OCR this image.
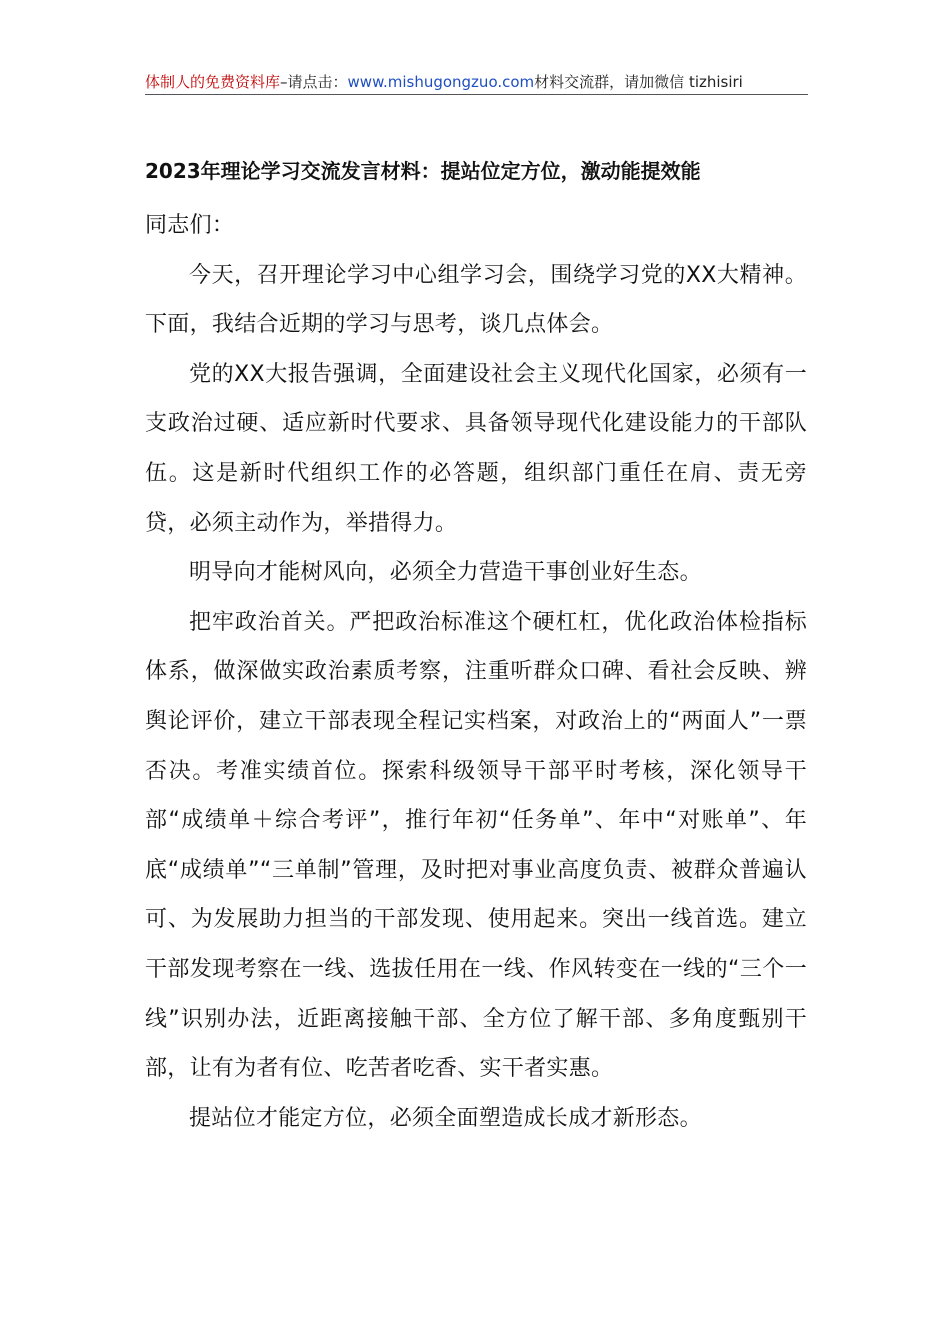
体制人的免费资料库–请点击：www.mishugongzuo.com材料交流群，请加微信 tizhisiri
2023年理论学习交流发言材料：提站位定方位，激动能提效能

同志们：

今天，召开理论学习中心组学习会，围绕学习党的XX大精神。下面，我结合近期的学习与思考，谈几点体会。

党的XX大报告强调，全面建设社会主义现代化国家，必须有一支政治过硬、适应新时代要求、具备领导现代化建设能力的干部队伍。这是新时代组织工作的必答题，组织部门重任在肩、责无旁贷，必须主动作为，举措得力。

明导向才能树风向，必须全力营造干事创业好生态。

把牢政治首关。严把政治标准这个硬杠杠，优化政治体检指标体系，做深做实政治素质考察，注重听群众口碑、看社会反映、辨舆论评价，建立干部表现全程记实档案，对政治上的“两面人”一票否决。考准实绩首位。探索科级领导干部平时考核，深化领导干部“成绩单＋综合考评”，推行年初“任务单”、年中“对账单”、年底“成绩单”“三单制”管理，及时把对事业高度负责、被群众普遍认可、为发展助力担当的干部发现、使用起来。突出一线首选。建立干部发现考察在一线、选拔任用在一线、作风转变在一线的“三个一线”识别办法，近距离接触干部、全方位了解干部、多角度甄别干部，让有为者有位、吃苦者吃香、实干者实惠。

提站位才能定方位，必须全面塑造成长成才新形态。
